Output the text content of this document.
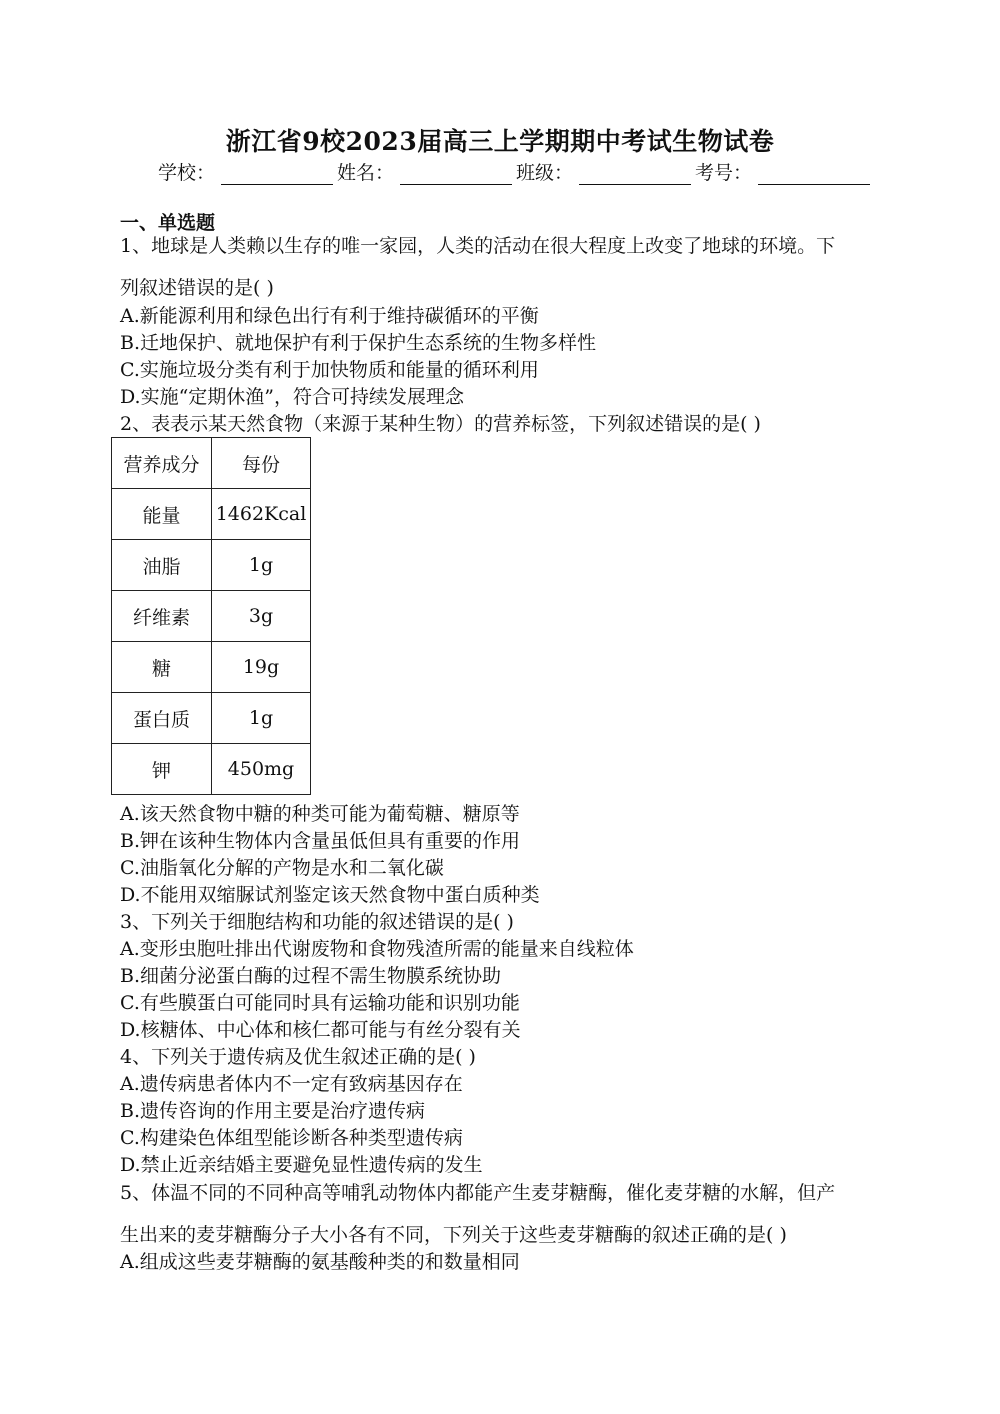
浙江省9校2023届高三上学期期中考试生物试卷
学校：	姓名：	班级：	考号：
一、单选题
1、地球是人类赖以生存的唯一家园，人类的活动在很大程度上改变了地球的环境。下
列叙述错误的是( )
A.新能源利用和绿色出行有利于维持碳循环的平衡
B.迁地保护、就地保护有利于保护生态系统的生物多样性
C.实施垃圾分类有利于加快物质和能量的循环利用
D.实施“定期休渔”，符合可持续发展理念
2、表表示某天然食物（来源于某种生物）的营养标签，下列叙述错误的是( )
营养成分	每份
能量	1462Kcal
油脂	1g
纤维素	3g
糖	19g
蛋白质	1g
钾	450mg
A.该天然食物中糖的种类可能为葡萄糖、糖原等
B.钾在该种生物体内含量虽低但具有重要的作用
C.油脂氧化分解的产物是水和二氧化碳
D.不能用双缩脲试剂鉴定该天然食物中蛋白质种类
3、下列关于细胞结构和功能的叙述错误的是( )
A.变形虫胞吐排出代谢废物和食物残渣所需的能量来自线粒体
B.细菌分泌蛋白酶的过程不需生物膜系统协助
C.有些膜蛋白可能同时具有运输功能和识别功能
D.核糖体、中心体和核仁都可能与有丝分裂有关
4、下列关于遗传病及优生叙述正确的是( )
A.遗传病患者体内不一定有致病基因存在
B.遗传咨询的作用主要是治疗遗传病
C.构建染色体组型能诊断各种类型遗传病
D.禁止近亲结婚主要避免显性遗传病的发生
5、体温不同的不同种高等哺乳动物体内都能产生麦芽糖酶，催化麦芽糖的水解，但产
生出来的麦芽糖酶分子大小各有不同，下列关于这些麦芽糖酶的叙述正确的是( )
A.组成这些麦芽糖酶的氨基酸种类的和数量相同
